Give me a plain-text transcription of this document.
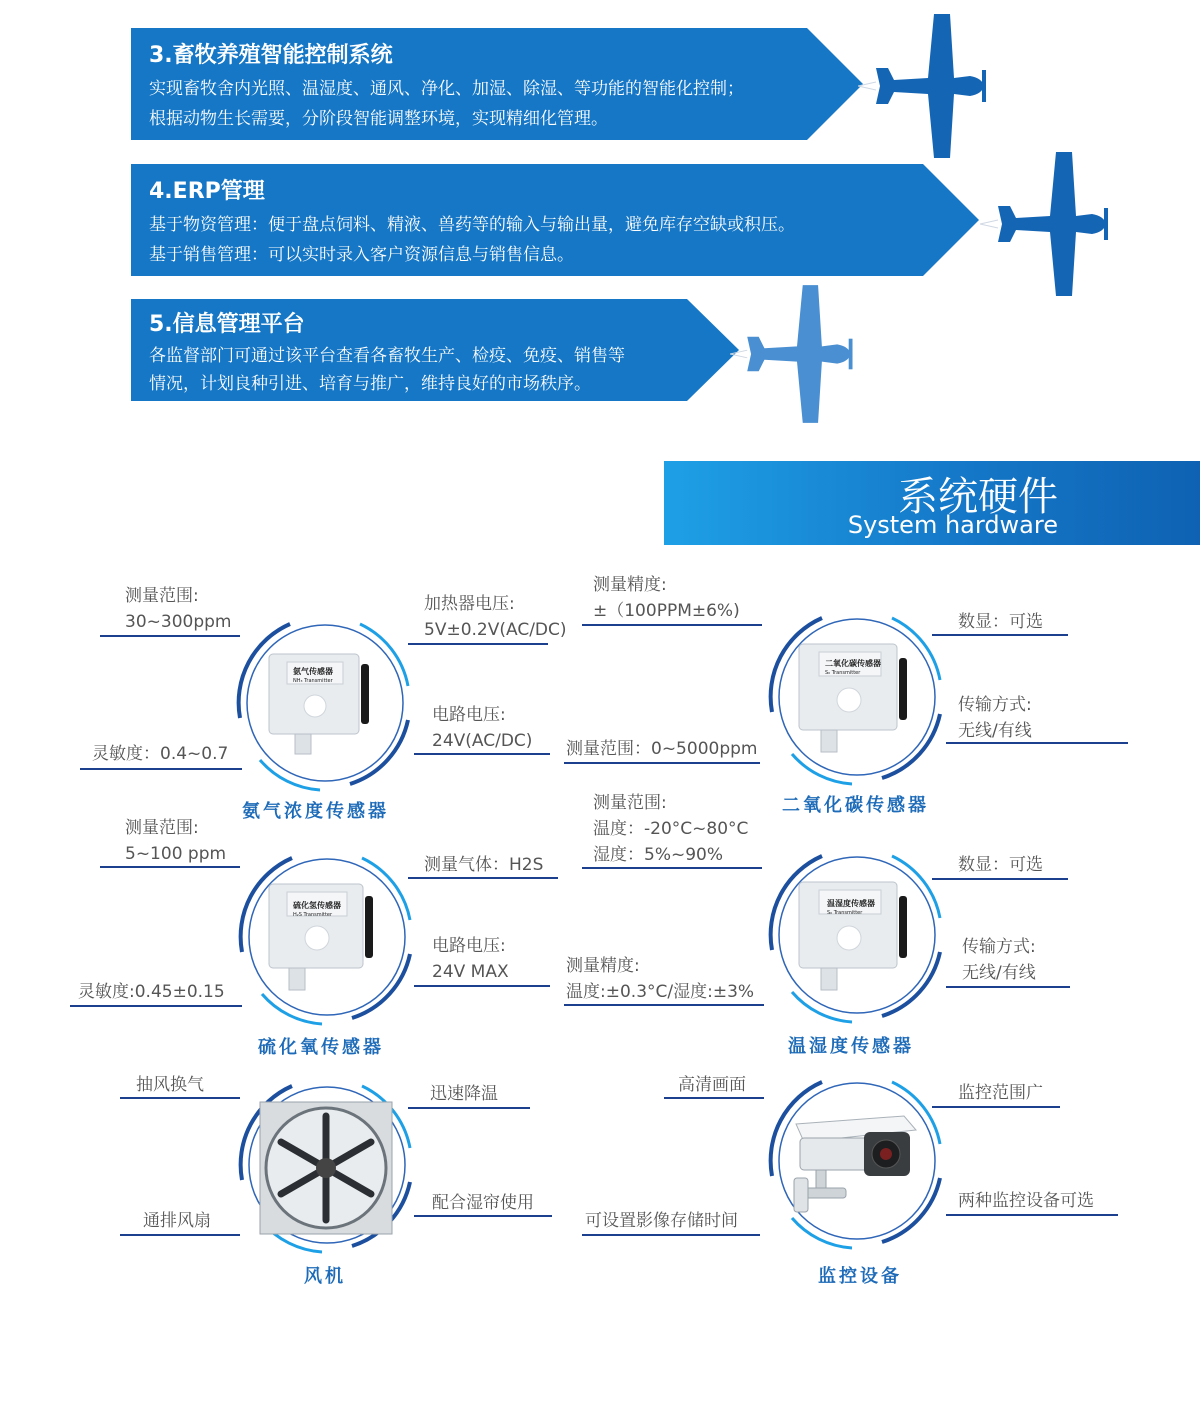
3.畜牧养殖智能控制系统
实现畜牧舍内光照、温湿度、通风、净化、加湿、除湿、等功能的智能化控制；
根据动物生长需要，分阶段智能调整环境，实现精细化管理。
4.ERP管理
基于物资管理：便于盘点饲料、精液、兽药等的输入与输出量，避免库存空缺或积压。
基于销售管理：可以实时录入客户资源信息与销售信息。
5.信息管理平台
各监督部门可通过该平台查看各畜牧生产、检疫、免疫、销售等
情况，计划良种引进、培育与推广，维持良好的市场秩序。
系统硬件
System hardware
氨气传感器
NH₃ Transmitter
测量范围:
30~300ppm
灵敏度：0.4~0.7
加热器电压:
5V±0.2V(AC/DC)
电路电压:
24V(AC/DC)
氨气浓度传感器
二氧化碳传感器
S₀ Transmitter
测量精度:
±（100PPM±6%)
测量范围：0~5000ppm
数显：可选
传输方式:
无线/有线
二氧化碳传感器
硫化氢传感器
H₂S Transmitter
测量范围:
5~100 ppm
灵敏度:0.45±0.15
测量气体：H2S
电路电压:
24V MAX
硫化氧传感器
温湿度传感器
S₀ Transmitter
测量范围:
温度：-20°C~80°C
湿度：5%~90%
测量精度:
温度:±0.3°C/湿度:±3%
数显：可选
传输方式:
无线/有线
温湿度传感器
抽风换气
通排风扇
迅速降温
配合湿帘使用
风机
高清画面
可设置影像存储时间
监控范围广
两种监控设备可选
监控设备
